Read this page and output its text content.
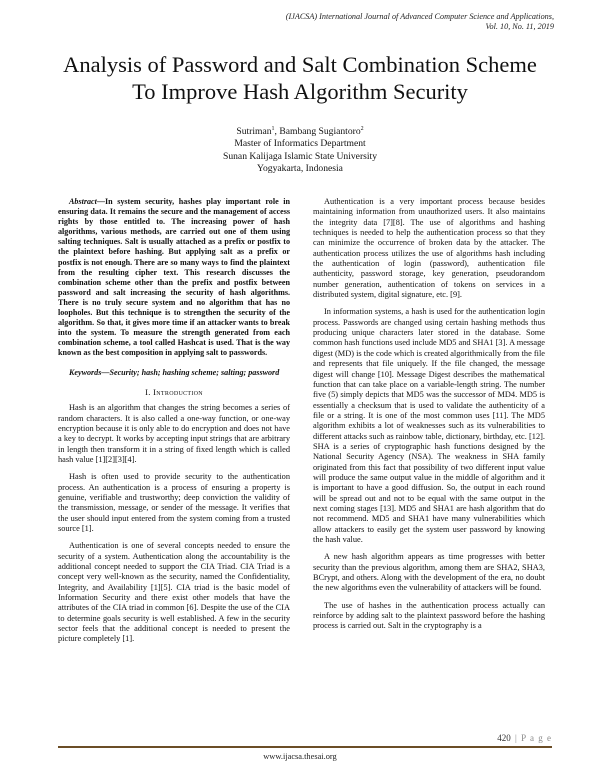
(IJACSA) International Journal of Advanced Computer Science and Applications,
Vol. 10, No. 11, 2019
Analysis of Password and Salt Combination Scheme
To Improve Hash Algorithm Security
Sutriman$^1$, Bambang Sugiantoro$^2$
Master of Informatics Department
Sunan Kalijaga Islamic State University
Yogyakarta, Indonesia

Abstract—In system security, hashes play important role in ensuring data. It remains the secure and the management of access rights by those entitled to. The increasing power of hash algorithms, various methods, are carried out one of them using salting techniques. Salt is usually attached as a prefix or postfix to the plaintext before hashing. But applying salt as a prefix or postfix is not enough. There are so many ways to find the plaintext from the resulting cipher text. This research discusses the combination scheme other than the prefix and postfix between password and salt increasing the security of hash algorithms. There is no truly secure system and no algorithm that has no loopholes. But this technique is to strengthen the security of the algorithm. So that, it gives more time if an attacker wants to break into the system. To measure the strength generated from each combination scheme, a tool called Hashcat is used. That is the way known as the best composition in applying salt to passwords.

Keywords—Security; hash; hashing scheme; salting; password

I. Introduction

Hash is an algorithm that changes the string becomes a series of random characters. It is also called a one-way function, or one-way encryption because it is only able to do encryption and does not have a key to decrypt. It works by accepting input strings that are arbitrary in length then transform it in a string of fixed length which is called hash value [1][2][3][4].

Hash is often used to provide security to the authentication process. An authentication is a process of ensuring a property is genuine, verifiable and trustworthy; deep conviction the validity of the transmission, message, or sender of the message. It verifies that the user should input entered from the system coming from a trusted source [1].

Authentication is one of several concepts needed to ensure the security of a system. Authentication along the accountability is the additional concept needed to support the CIA Triad. CIA Triad is a concept very well-known as the security, named the Confidentiality, Integrity, and Availability [1][5]. CIA triad is the basic model of Information Security and there exist other models that have the attributes of the CIA triad in common [6]. Despite the use of the CIA to determine goals security is well established. A few in the security sector feels that the additional concept is needed to present the picture completely [1].

Authentication is a very important process because besides maintaining information from unauthorized users. It also maintains the integrity data [7][8]. The use of algorithms and hashing techniques is needed to help the authentication process so that they can minimize the occurrence of broken data by the attacker. The authentication process utilizes the use of algorithms hash including the authentication of login (password), authentication file authenticity, password storage, key generation, pseudorandom number generation, authentication of tokens on services in a distributed system, digital signature, etc. [9].

In information systems, a hash is used for the authentication login process. Passwords are changed using certain hashing methods thus producing unique characters later stored in the database. Some common hash functions used include MD5 and SHA1 [3]. A message digest (MD) is the code which is created algorithmically from the file and represents that file uniquely. If the file changed, the message digest will change [10]. Message Digest describes the mathematical function that can take place on a variable-length string. The number five (5) simply depicts that MD5 was the successor of MD4. MD5 is essentially a checksum that is used to validate the authenticity of a file or a string. It is one of the most common uses [11]. The MD5 algorithm exhibits a lot of weaknesses such as its vulnerabilities to different attacks such as rainbow table, dictionary, birthday, etc. [12]. SHA is a series of cryptographic hash functions designed by the National Security Agency (NSA). The weakness in SHA family originated from this fact that possibility of two different input value will produce the same output value in the middle of algorithm and it is important to have a good diffusion. So, the output in each round will be spread out and not to be equal with the same output in the next coming stages [13]. MD5 and SHA1 are hash algorithm that do not recommend. MD5 and SHA1 have many vulnerabilities which allow attackers to easily get the system user password by knowing the hash value.

A new hash algorithm appears as time progresses with better security than the previous algorithm, among them are SHA2, SHA3, BCrypt, and others. Along with the development of the era, no doubt the new algorithms even the vulnerability of attackers will be found.

The use of hashes in the authentication process actually can reinforce by adding salt to the plaintext password before the hashing process is carried out. Salt in the cryptography is a

420 | P a g e
www.ijacsa.thesai.org
